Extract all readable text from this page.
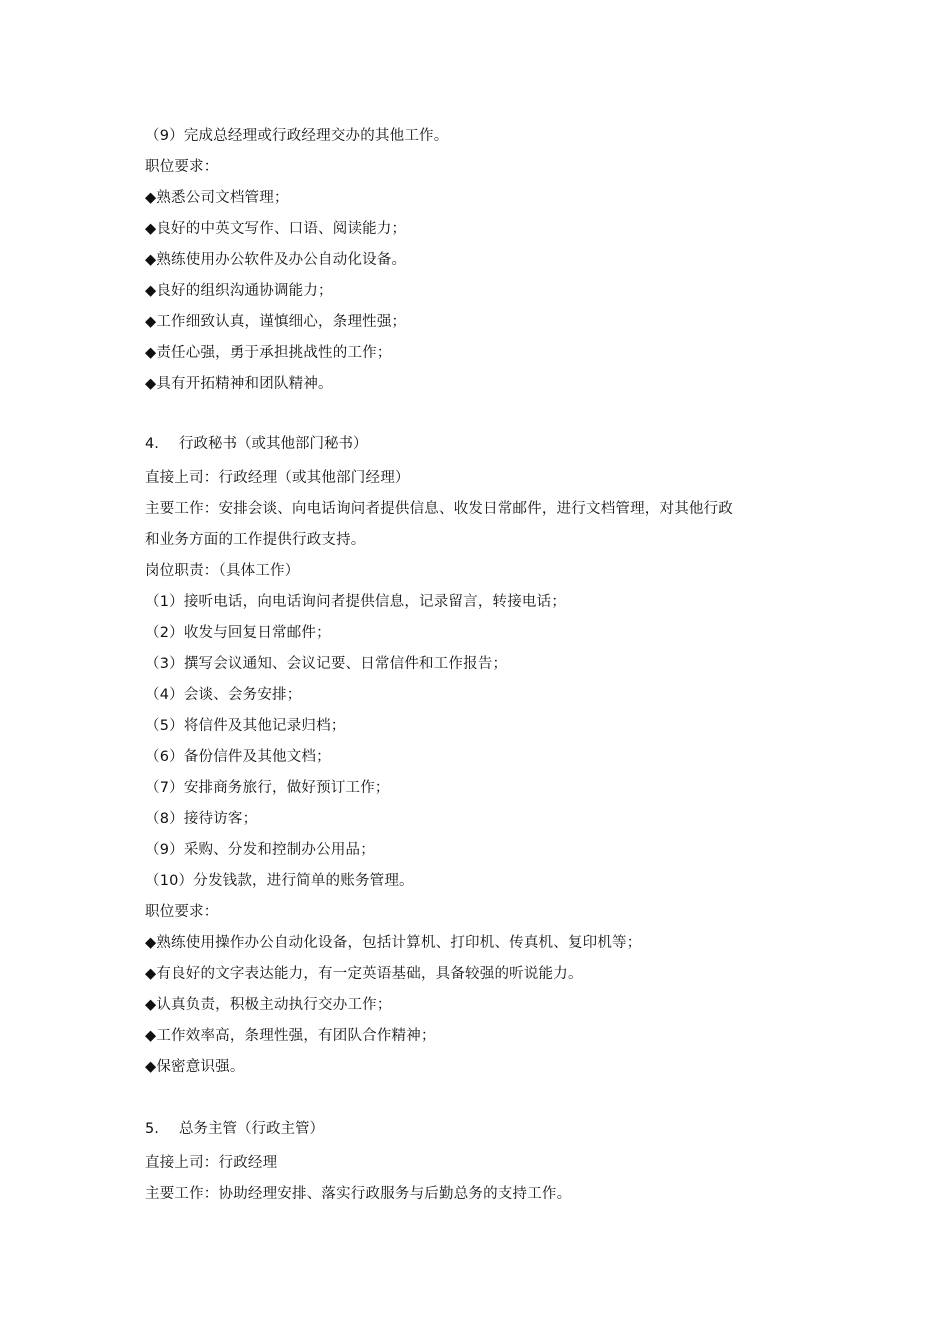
（9）完成总经理或行政经理交办的其他工作。
职位要求：
◆熟悉公司文档管理；
◆良好的中英文写作、口语、阅读能力；
◆熟练使用办公软件及办公自动化设备。
◆良好的组织沟通协调能力；
◆工作细致认真，谨慎细心，条理性强；
◆责任心强，勇于承担挑战性的工作；
◆具有开拓精神和团队精神。
4. 行政秘书（或其他部门秘书）
直接上司：行政经理（或其他部门经理）
主要工作：安排会谈、向电话询问者提供信息、收发日常邮件，进行文档管理，对其他行政
和业务方面的工作提供行政支持。
岗位职责：（具体工作）
（1）接听电话，向电话询问者提供信息，记录留言，转接电话；
（2）收发与回复日常邮件；
（3）撰写会议通知、会议记要、日常信件和工作报告；
（4）会谈、会务安排；
（5）将信件及其他记录归档；
（6）备份信件及其他文档；
（7）安排商务旅行，做好预订工作；
（8）接待访客；
（9）采购、分发和控制办公用品；
（10）分发钱款，进行简单的账务管理。
职位要求：
◆熟练使用操作办公自动化设备，包括计算机、打印机、传真机、复印机等；
◆有良好的文字表达能力，有一定英语基础，具备较强的听说能力。
◆认真负责，积极主动执行交办工作；
◆工作效率高，条理性强，有团队合作精神；
◆保密意识强。
5. 总务主管（行政主管）
直接上司：行政经理
主要工作：协助经理安排、落实行政服务与后勤总务的支持工作。
